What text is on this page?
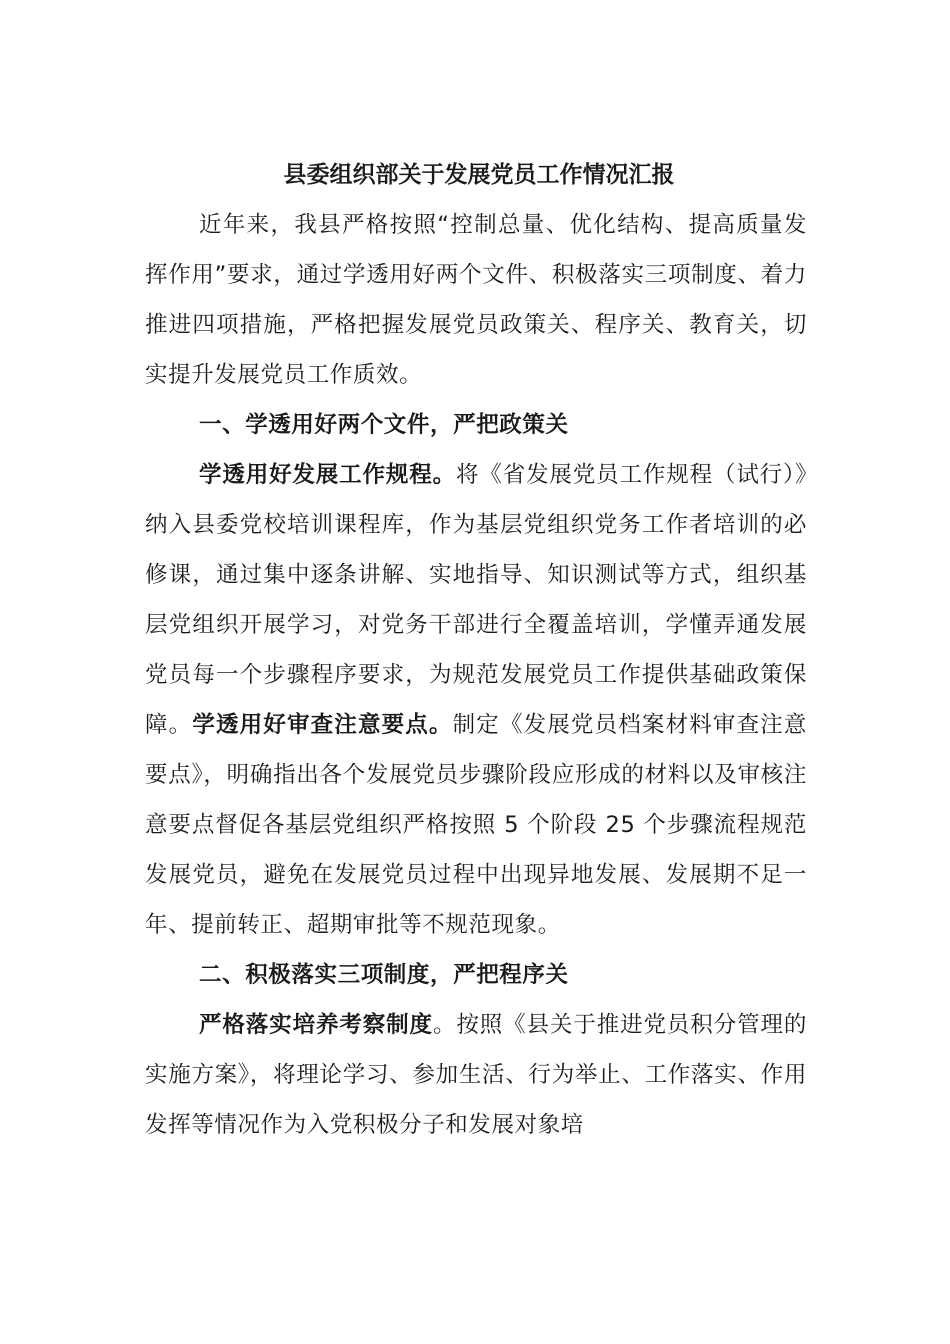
县委组织部关于发展党员工作情况汇报

近年来，我县严格按照“控制总量、优化结构、提高质量发挥作用”要求，通过学透用好两个文件、积极落实三项制度、着力推进四项措施，严格把握发展党员政策关、程序关、教育关，切实提升发展党员工作质效。

一、学透用好两个文件，严把政策关

学透用好发展工作规程。将《省发展党员工作规程（试行）》纳入县委党校培训课程库，作为基层党组织党务工作者培训的必修课，通过集中逐条讲解、实地指导、知识测试等方式，组织基层党组织开展学习，对党务干部进行全覆盖培训，学懂弄通发展党员每一个步骤程序要求，为规范发展党员工作提供基础政策保障。学透用好审查注意要点。制定《发展党员档案材料审查注意要点》，明确指出各个发展党员步骤阶段应形成的材料以及审核注意要点督促各基层党组织严格按照 5 个阶段 25 个步骤流程规范发展党员，避免在发展党员过程中出现异地发展、发展期不足一年、提前转正、超期审批等不规范现象。

二、积极落实三项制度，严把程序关

严格落实培养考察制度。按照《县关于推进党员积分管理的实施方案》，将理论学习、参加生活、行为举止、工作落实、作用发挥等情况作为入党积极分子和发展对象培
